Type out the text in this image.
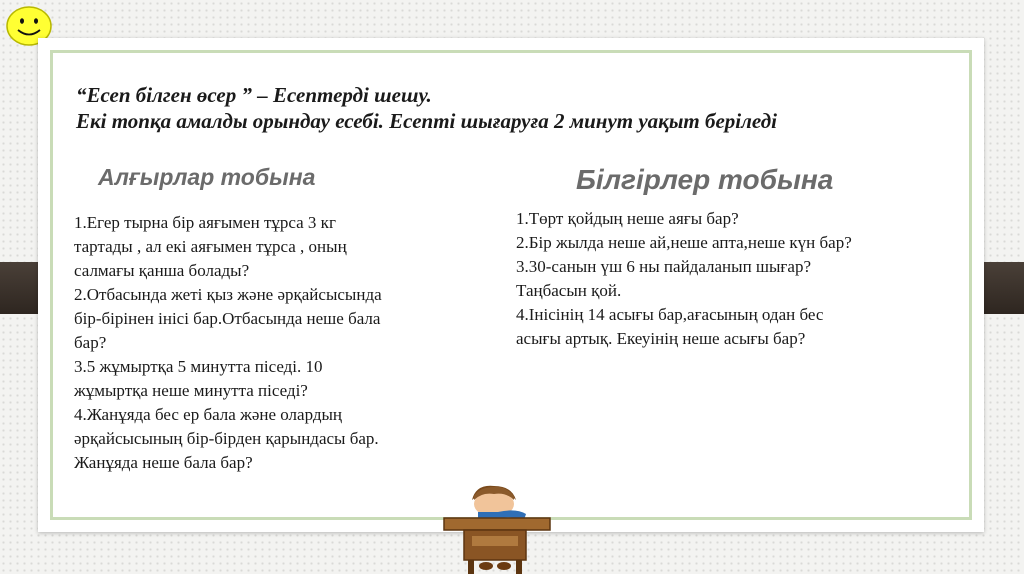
“Есеп білген өсер ” – Есептерді шешу.
Екі топқа амалды орындау есебі. Есепті шығаруға 2 минут уақыт беріледі
Алғырлар тобына	Білгірлер тобына
1.Егер тырна бір аяғымен тұрса 3 кг
тартады , ал екі аяғымен тұрса , оның
салмағы қанша болады?
2.Отбасында жеті қыз және әрқайсысында
бір-бірінен інісі бар.Отбасында неше бала
бар?
3.5 жұмыртқа 5 минутта піседі. 10
жұмыртқа неше минутта піседі?
4.Жанұяда бес ер бала және олардың
әрқайсысының бір-бірден қарындасы бар.
Жанұяда неше бала бар?
1.Төрт қойдың неше аяғы бар?
2.Бір жылда неше ай,неше апта,неше күн бар?
3.30-санын үш 6 ны пайдаланып шығар?
Таңбасын қой.
4.Інісінің 14 асығы бар,ағасының одан бес
асығы артық. Екеуінің неше асығы бар?
